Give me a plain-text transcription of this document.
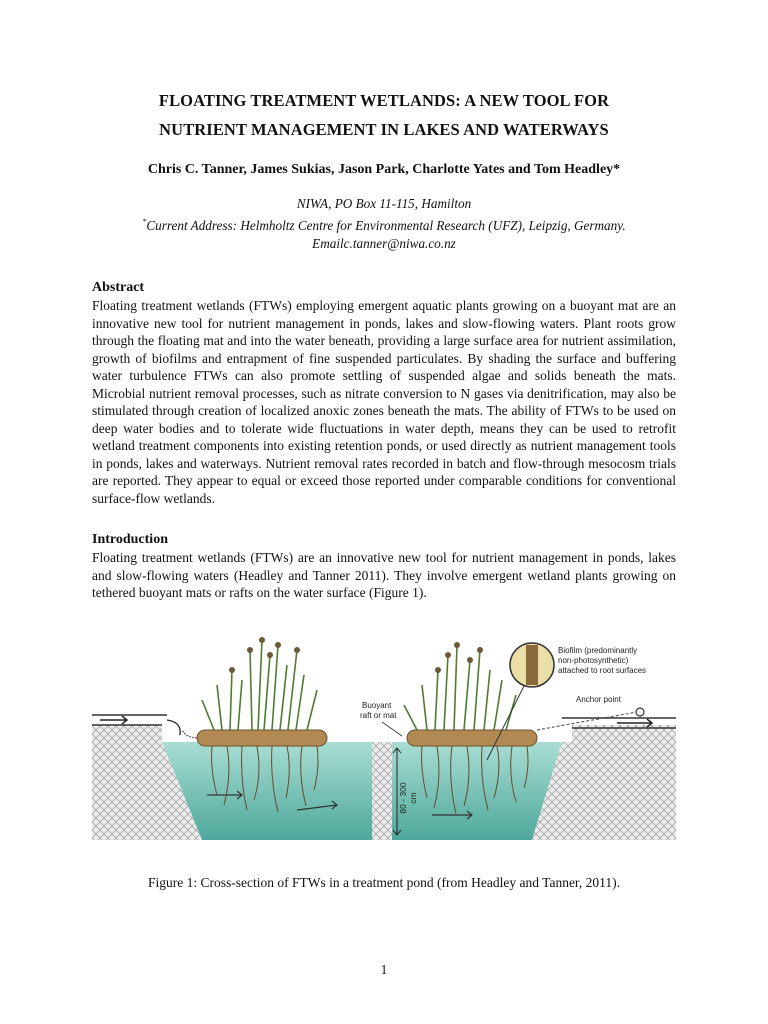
FLOATING TREATMENT WETLANDS: A NEW TOOL FOR
NUTRIENT MANAGEMENT IN LAKES AND WATERWAYS
Chris C. Tanner, James Sukias, Jason Park, Charlotte Yates and Tom Headley*
NIWA, PO Box 11-115, Hamilton
*Current Address: Helmholtz Centre for Environmental Research (UFZ), Leipzig, Germany.
Emailc.tanner@niwa.co.nz
Abstract
Floating treatment wetlands (FTWs) employing emergent aquatic plants growing on a buoyant mat are an innovative new tool for nutrient management in ponds, lakes and slow-flowing waters. Plant roots grow through the floating mat and into the water beneath, providing a large surface area for nutrient assimilation, growth of biofilms and entrapment of fine suspended particulates. By shading the surface and buffering water turbulence FTWs can also promote settling of suspended algae and solids beneath the mats. Microbial nutrient removal processes, such as nitrate conversion to N gases via denitrification, may also be stimulated through creation of localized anoxic zones beneath the mats. The ability of FTWs to be used on deep water bodies and to tolerate wide fluctuations in water depth, means they can be used to retrofit wetland treatment components into existing retention ponds, or used directly as nutrient management tools in ponds, lakes and waterways. Nutrient removal rates recorded in batch and flow-through mesocosm trials are reported. They appear to equal or exceed those reported under comparable conditions for conventional surface-flow wetlands.
Introduction
Floating treatment wetlands (FTWs) are an innovative new tool for nutrient management in ponds, lakes and slow-flowing waters (Headley and Tanner 2011). They involve emergent wetland plants growing on tethered buoyant mats or rafts on the water surface (Figure 1).
80 - 300 cm
Biofilm (predominantly
non-photosynthetic)
attached to root surfaces
Anchor point
Buoyant
raft or mat
Figure 1: Cross-section of FTWs in a treatment pond (from Headley and Tanner, 2011).
1
